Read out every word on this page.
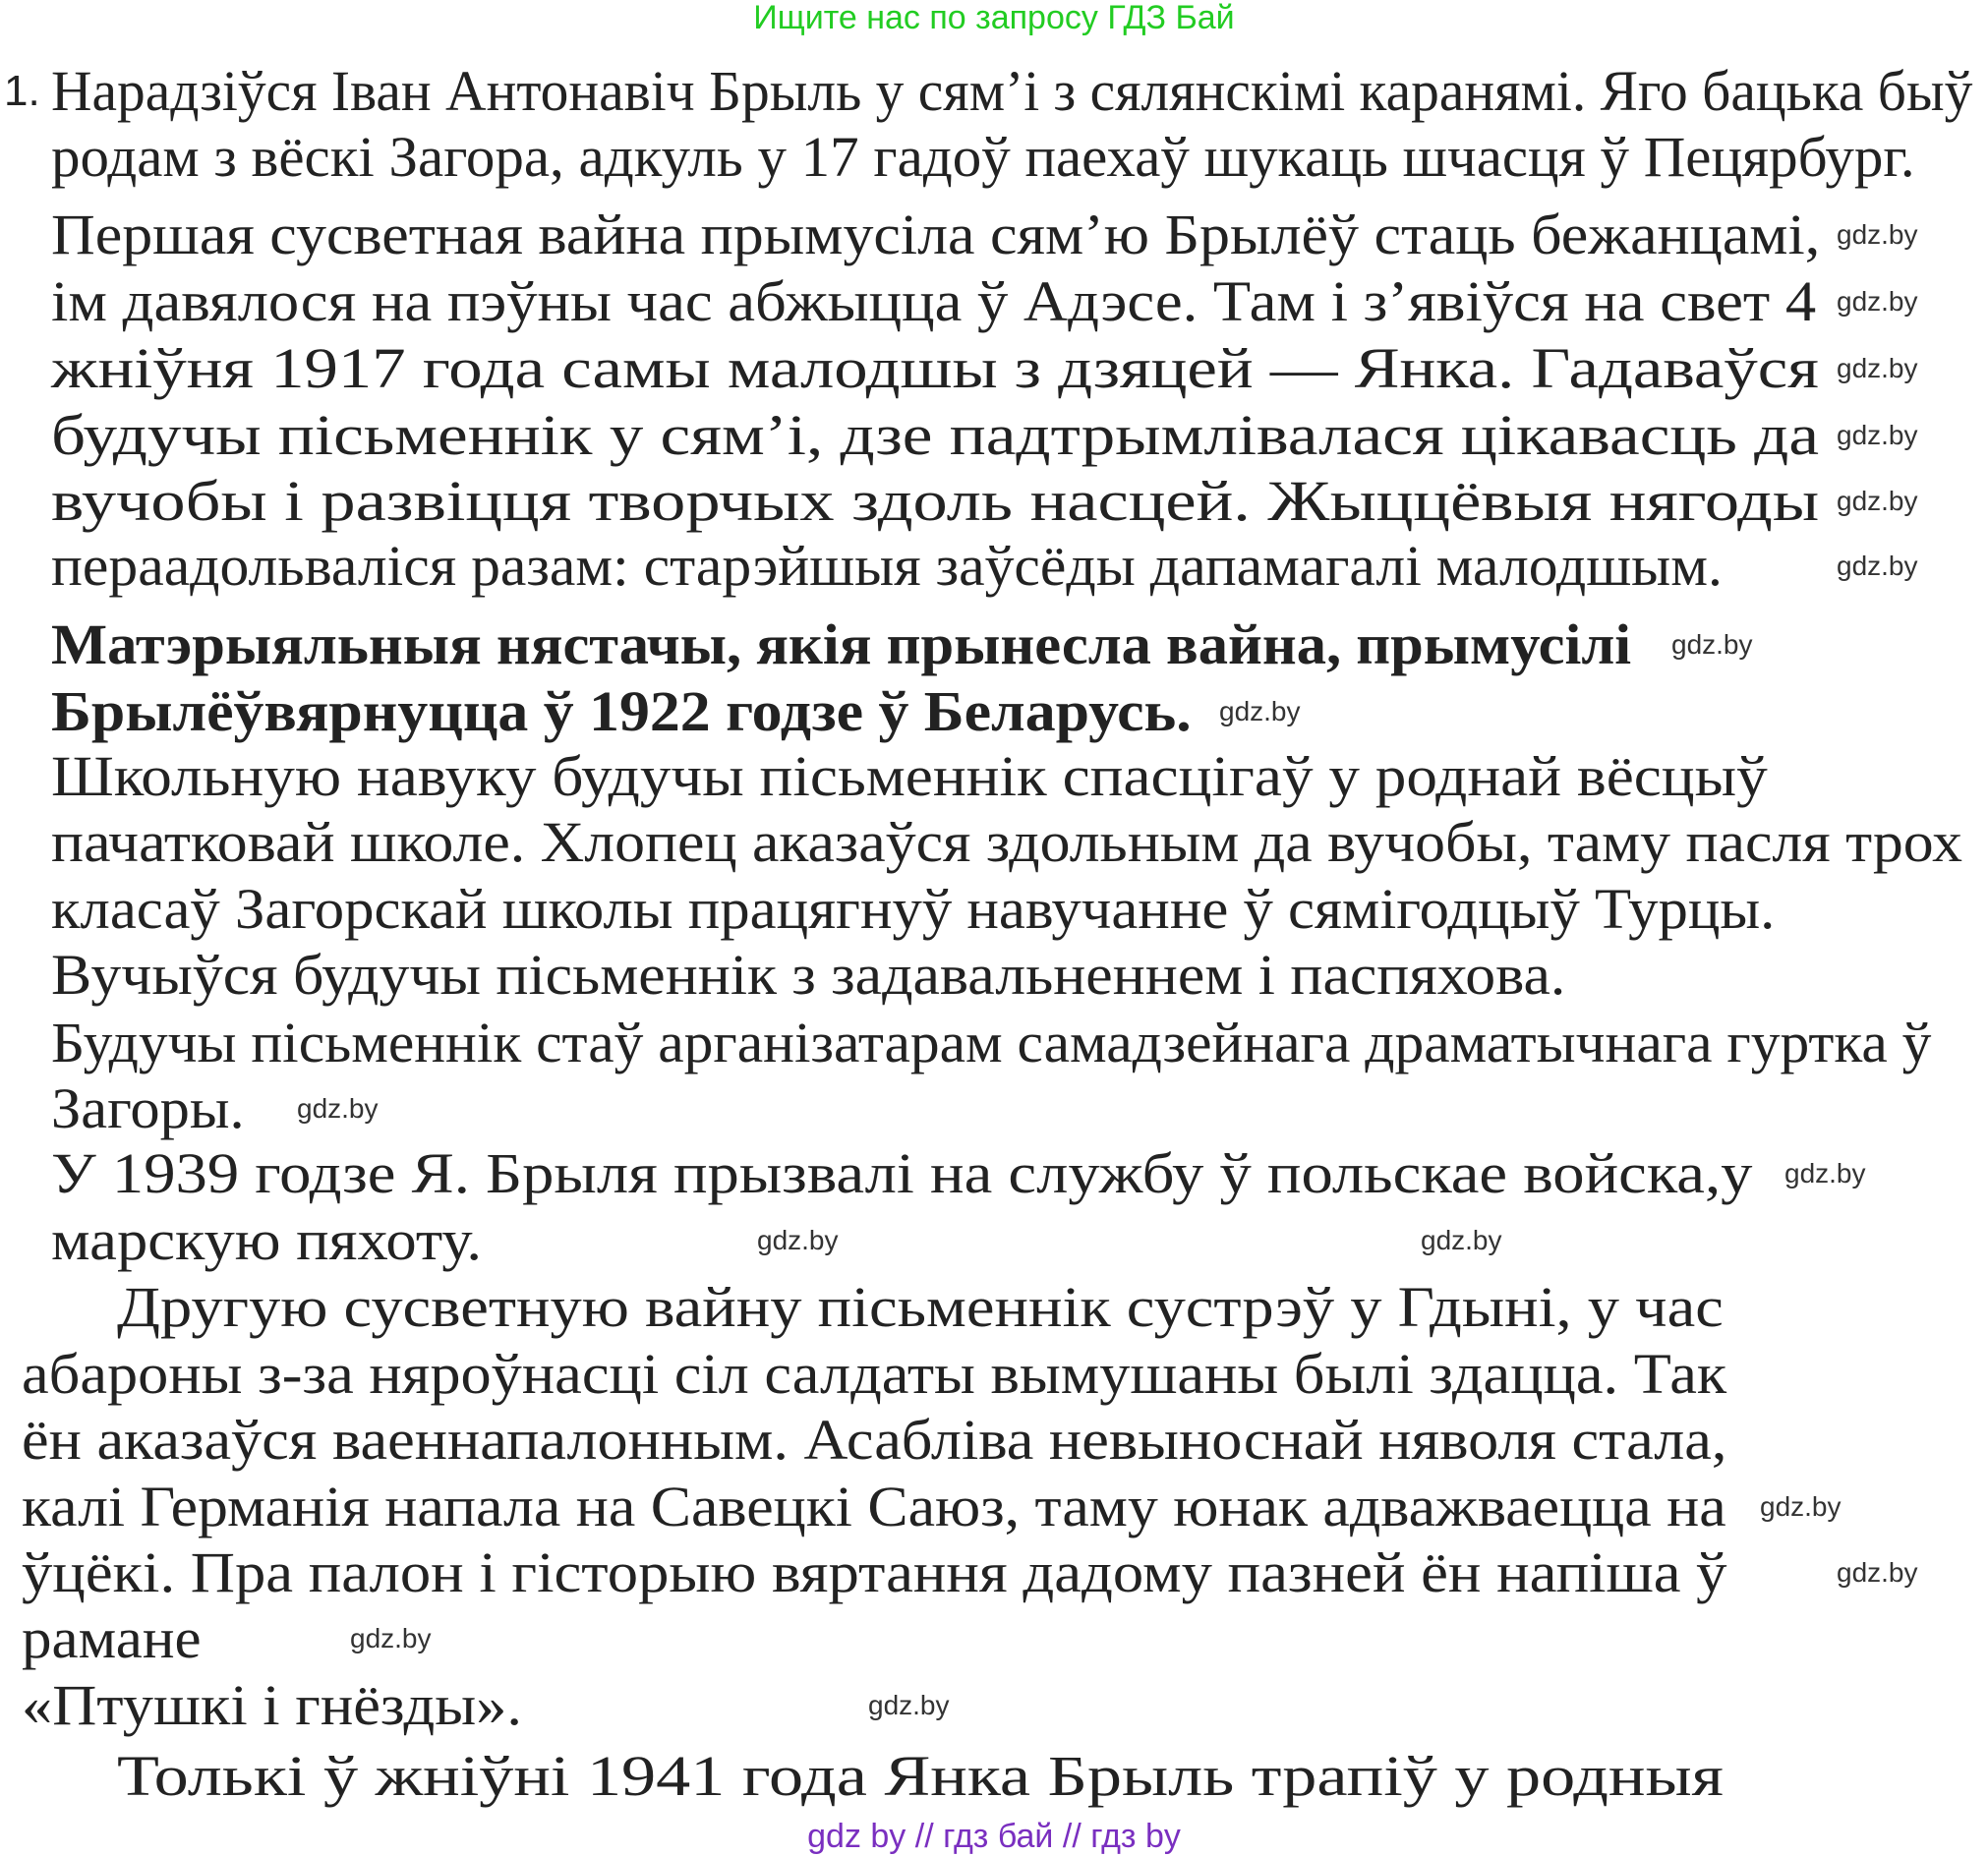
Ищите нас по запросу ГДЗ Бай
1. Нарадзіўся Іван Антонавіч Брыль у сям’і з сялянскімі каранямі. Яго бацька быў
родам з вёскі Загора, адкуль у 17 гадоў паехаў шукаць шчасця ў Пецярбург.
Першая сусветная вайна прымусіла сям’ю Брылёў стаць бежанцамі,
ім давялося на пэўны час абжыцца ў Адэсе. Там і з’явіўся на свет 4
жніўня 1917 года самы малодшы з дзяцей — Янка. Гадаваўся
будучы пісьменнік у сям’і, дзе падтрымлівалася цікавасць да
вучобы і развіцця творчых здоль насцей. Жыццёвыя нягоды
пераадольваліся разам: старэйшыя заўсёды дапамагалі малодшым.
Матэрыяльныя нястачы, якія прынесла вайна, прымусілі
Брылёўвярнуцца ў 1922 годзе ў Беларусь.
Школьную навуку будучы пісьменнік спасцігаў у роднай вёсцыў
пачатковай школе. Хлопец аказаўся здольным да вучобы, таму пасля трох
класаў Загорскай школы працягнуў навучанне ў сямігодцыў Турцы.
Вучыўся будучы пісьменнік з задавальненнем і паспяхова.
Будучы пісьменнік стаў арганізатарам самадзейнага драматычнага гуртка ў
Загоры.
У 1939 годзе Я. Брыля прызвалі на службу ў польскае войска,у
марскую пяхоту.
Другую сусветную вайну пісьменнік сустрэў у Гдыні, у час
абароны з-за няроўнасці сіл салдаты вымушаны былі здацца. Так
ён аказаўся ваеннапалонным. Асабліва невыноснай няволя стала,
калі Германія напала на Савецкі Саюз, таму юнак адважваецца на
ўцёкі. Пра палон і гісторыю вяртання дадому пазней ён напіша ў
рамане
«Птушкі і гнёзды».
Толькі ў жніўні 1941 года Янка Брыль трапіў у родныя
gdz.by
gdz.by
gdz.by
gdz.by
gdz.by
gdz.by
gdz.by
gdz.by
gdz.by
gdz.by
gdz.by
gdz.by
gdz.by
gdz.by
gdz.by
gdz.by
gdz by // гдз бай // гдз by
